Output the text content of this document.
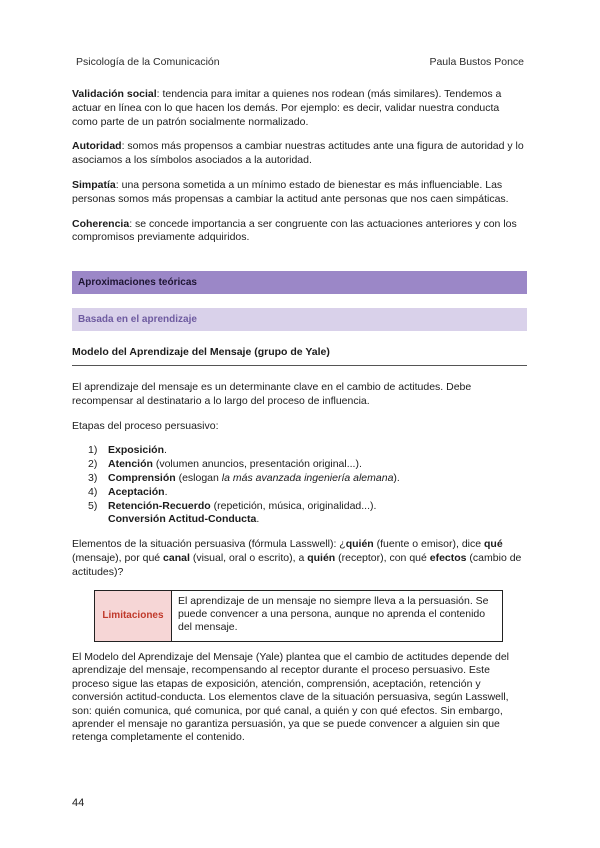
Psicología de la Comunicación	Paula Bustos Ponce

Validación social: tendencia para imitar a quienes nos rodean (más similares). Tendemos a actuar en línea con lo que hacen los demás. Por ejemplo: es decir, validar nuestra conducta como parte de un patrón socialmente normalizado.

Autoridad: somos más propensos a cambiar nuestras actitudes ante una figura de autoridad y lo asociamos a los símbolos asociados a la autoridad.

Simpatía: una persona sometida a un mínimo estado de bienestar es más influenciable. Las personas somos más propensas a cambiar la actitud ante personas que nos caen simpáticas.

Coherencia: se concede importancia a ser congruente con las actuaciones anteriores y con los compromisos previamente adquiridos.

Aproximaciones teóricas
Basada en el aprendizaje
Modelo del Aprendizaje del Mensaje (grupo de Yale)

El aprendizaje del mensaje es un determinante clave en el cambio de actitudes. Debe recompensar al destinatario a lo largo del proceso de influencia.

Etapas del proceso persuasivo:

1)	Exposición.
2)	Atención (volumen anuncios, presentación original...).
3)	Comprensión (eslogan la más avanzada ingeniería alemana).
4)	Aceptación.
5)	Retención-Recuerdo (repetición, música, originalidad...).

Conversión Actitud-Conducta.

Elementos de la situación persuasiva (fórmula Lasswell): ¿quién (fuente o emisor), dice qué (mensaje), por qué canal (visual, oral o escrito), a quién (receptor), con qué efectos (cambio de actitudes)?

Limitaciones
El aprendizaje de un mensaje no siempre lleva a la persuasión. Se puede convencer a una persona, aunque no aprenda el contenido del mensaje.

El Modelo del Aprendizaje del Mensaje (Yale) plantea que el cambio de actitudes depende del aprendizaje del mensaje, recompensando al receptor durante el proceso persuasivo. Este proceso sigue las etapas de exposición, atención, comprensión, aceptación, retención y conversión actitud-conducta. Los elementos clave de la situación persuasiva, según Lasswell, son: quién comunica, qué comunica, por qué canal, a quién y con qué efectos. Sin embargo, aprender el mensaje no garantiza persuasión, ya que se puede convencer a alguien sin que retenga completamente el contenido.

44
